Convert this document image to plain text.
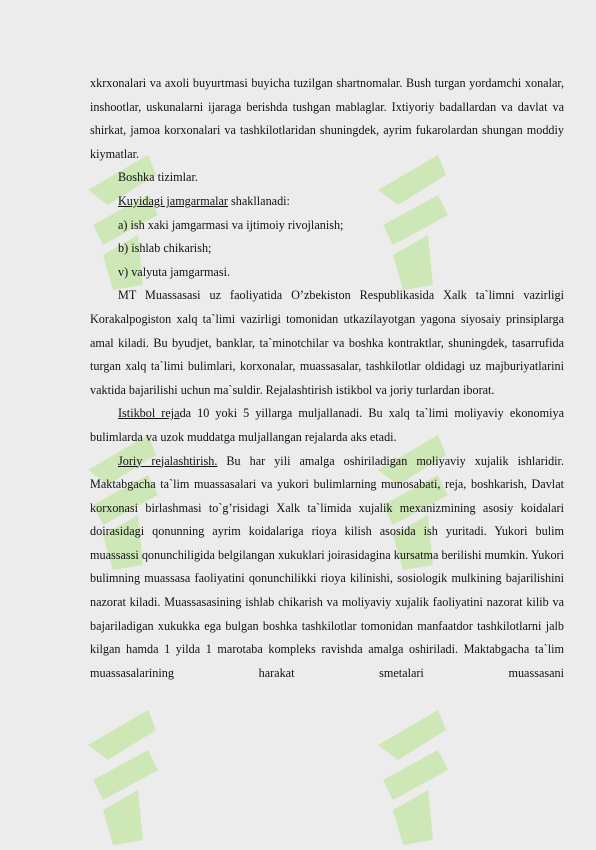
xkrxonalari va axoli buyurtmasi buyicha tuzilgan shartnomalar. Bush turgan yordamchi xonalar, inshootlar, uskunalarni ijaraga berishda tushgan mablaglar. Ixtiyoriy badallardan va davlat va shirkat, jamoa korxonalari va tashkilotlaridan shuningdek, ayrim fukarolardan shungan moddiy kiymatlar.

Boshka tizimlar.

Kuyidagi jamgarmalar shakllanadi:

a) ish xaki jamgarmasi va ijtimoiy rivojlanish;

b) ishlab chikarish;

v) valyuta jamgarmasi.

MT Muassasasi uz faoliyatida O’zbekiston Respublikasida Xalk ta`limni vazirligi Korakalpogiston xalq ta`limi vazirligi tomonidan utkazilayotgan yagona siyosaiy prinsiplarga amal kiladi. Bu byudjet, banklar, ta`minotchilar va boshka kontraktlar, shuningdek, tasarrufida turgan xalq ta`limi bulimlari, korxonalar, muassasalar, tashkilotlar oldidagi uz majburiyatlarini vaktida bajarilishi uchun ma`suldir. Rejalashtirish istikbol va joriy turlardan iborat.

Istikbol rejada 10 yoki 5 yillarga muljallanadi. Bu xalq ta`limi moliyaviy ekonomiya bulimlarda va uzok muddatga muljallangan rejalarda aks etadi.

Joriy rejalashtirish. Bu har yili amalga oshiriladigan moliyaviy xujalik ishlaridir. Maktabgacha ta`lim muassasalari va yukori bulimlarning munosabati, reja, boshkarish, Davlat korxonasi birlashmasi to`g’risidagi Xalk ta`limida xujalik mexanizmining asosiy koidalari doirasidagi qonunning ayrim koidalariga rioya kilish asosida ish yuritadi. Yukori bulim muassassi qonunchiligida belgilangan xukuklari joirasidagina kursatma berilishi mumkin. Yukori bulimning muassasa faoliyatini qonunchilikki rioya kilinishi, sosiologik mulkining bajarilishini nazorat kiladi. Muassasasining ishlab chikarish va moliyaviy xujalik faoliyatini nazorat kilib va bajariladigan xukukka ega bulgan boshka tashkilotlar tomonidan manfaatdor tashkilotlarni jalb kilgan hamda 1 yilda 1 marotaba kompleks ravishda amalga oshiriladi. Maktabgacha ta`lim muassasalarining harakat smetalari muassasani
